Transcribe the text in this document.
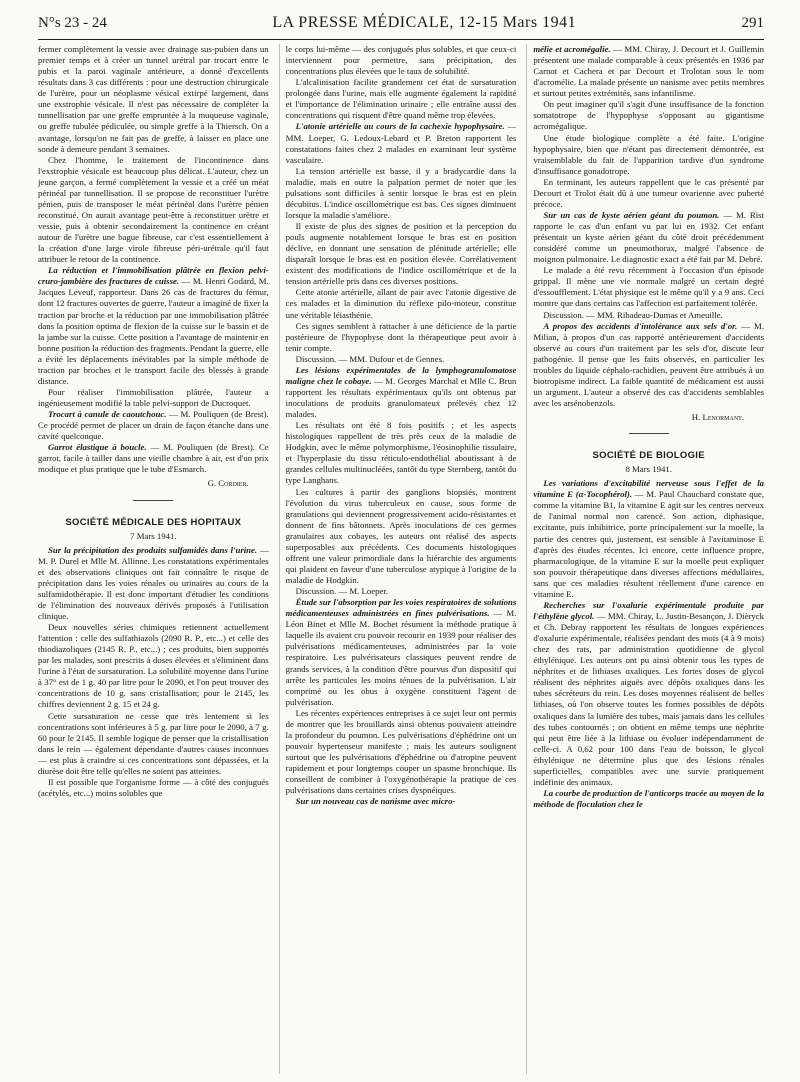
N°s 23 - 24	LA PRESSE MÉDICALE, 12-15 Mars 1941	291

fermer complètement la vessie avec drainage sus-pubien dans un premier temps et à créer un tunnel urétral par trocart entre le pubis et la paroi vaginale antérieure, a donné d'excellents résultats dans 3 cas différents : pour une destruction chirurgicale de l'urètre, pour un néoplasme vésical extirpé largement, dans une exstrophie vésicale. Il n'est pas nécessaire de compléter la tunnellisation par une greffe empruntée à la muqueuse vaginale, ou greffe tubulée pédiculée, ou simple greffe à la Thiersch. On a avantage, lorsqu'on ne fait pas de greffe, à laisser en place une sonde à demeure pendant 3 semaines.

Chez l'homme, le traitement de l'incontinence dans l'exstrophie vésicale est beaucoup plus délicat. L'auteur, chez un jeune garçon, a fermé complètement la vessie et a créé un méat périnéal par tunnellisation. Il se propose de reconstituer l'urètre pénien, puis de transposer le méat périnéal dans l'urètre pénien reconstitué. On aurait avantage peut-être à reconstituer urètre et vessie, puis à obtenir secondairement la continence en créant autour de l'urètre une bague fibreuse, car c'est essentiellement à la création d'une large virole fibreuse péri-urétrale qu'il faut attribuer le retour de la continence.

La réduction et l'immobilisation plâtrée en flexion pelvi-cruro-jambière des fractures de cuisse. — M. Henri Godard, M. Jacques Leveuf, rapporteur. Dans 26 cas de fractures du fémur, dont 12 fractures ouvertes de guerre, l'auteur a imaginé de fixer la traction par broche et la réduction par une immobilisation plâtrée dans la position optima de flexion de la cuisse sur le bassin et de la jambe sur la cuisse. Cette position a l'avantage de maintenir en bonne position la réduction des fragments. Pendant la guerre, elle a évité les déplacements inévitables par la simple méthode de traction par broches et le transport facile des blessés à grande distance.

Pour réaliser l'immobilisation plâtrée, l'auteur a ingénieusement modifié la table pelvi-support de Ducroquet.

Trocart à canule de caoutchouc. — M. Pouliquen (de Brest). Ce procédé permet de placer un drain de façon étanche dans une cavité quelconque.

Garrot élastique à boucle. — M. Pouliquen (de Brest). Ce garrot, facile à tailler dans une vieille chambre à air, est d'un prix modique et plus pratique que le tube d'Esmarch.

G. Cordier.
SOCIÉTÉ MÉDICALE DES HOPITAUX
7 Mars 1941.

Sur la précipitation des produits sulfamidés dans l'urine. — M. P. Durel et Mlle M. Allinne. Les constatations expérimentales et des observations cliniques ont fait connaître le risque de précipitation dans les voies rénales ou urinaires au cours de la sulfamidothérapie. Il est donc important d'étudier les conditions de l'élimination des nouveaux dérivés proposés à l'utilisation clinique.

Deux nouvelles séries chimiques retiennent actuellement l'attention : celle des sulfathiazols (2090 R. P., etc...) et celle des thiodiazoliques (2145 R. P., etc...) ; ces produits, bien supportés par les malades, sont prescrits à doses élevées et s'éliminent dans l'urine à l'état de sursaturation. La solubilité moyenne dans l'urine à 37° est de 1 g. 40 par litre pour le 2090, et l'on peut trouver des concentrations de 10 g. sans cristallisation; pour le 2145, les chiffres deviennent 2 g. 15 et 24 g.

Cette sursaturation ne cesse que très lentement si les concentrations sont inférieures à 5 g. par litre pour le 2090, à 7 g. 60 pour le 2145. Il semble logique de penser que la cristallisation dans le rein — également dépendante d'autres causes inconnues — est plus à craindre si ces concentrations sont dépassées, et la diurèse doit être telle qu'elles ne soient pas atteintes.

Il est possible que l'organisme forme — à côté des conjugués (acétylés, etc...) moins solubles que

le corps lui-même — des conjugués plus solubles, et que ceux-ci interviennent pour permettre, sans précipitation, des concentrations plus élevées que le taux de solubilité.

L'alcalinisation facilite grandement cet état de sursaturation prolongée dans l'urine, mais elle augmente également la rapidité et l'importance de l'élimination urinaire ; elle entraîne aussi des concentrations qui risquent d'être quand même trop élevées.

L'atonie artérielle au cours de la cachexie hypophysaire. — MM. Loeper, G. Ledoux-Lebard et P. Breton rapportent les constatations faites chez 2 malades en examinant leur système vasculaire.

La tension artérielle est basse, il y a bradycardie dans la maladie, mais en outre la palpation permet de noter que les pulsations sont difficiles à sentir lorsque le bras est en plein décubitus. L'indice oscillométrique est bas. Ces signes diminuent lorsque la maladie s'améliore.

Il existe de plus des signes de position et la perception du pouls augmente notablement lorsque le bras est en position déclive, en donnant une sensation de plénitude artérielle; elle disparaît lorsque le bras est en position élevée. Corrélativement existent des modifications de l'indice oscillométrique et de la tension artérielle pris dans ces diverses positions.

Cette atonie artérielle, allant de pair avec l'atonie digestive de ces malades et la diminution du réflexe pilo-moteur, constitue une véritable léiasthénie.

Ces signes semblent à rattacher à une déficience de la partie postérieure de l'hypophyse dont la thérapeutique peut avoir à tenir compte.

Discussion. — MM. Dufour et de Gennes.

Les lésions expérimentales de la lymphogranulomatose maligne chez le cobaye. — M. Georges Marchal et Mlle C. Brun rapportent les résultats expérimentaux qu'ils ont obtenus par inoculations de produits granulomateux prélevés chez 12 malades.

Les résultats ont été 8 fois positifs ; et les aspects histologiques rappellent de très près ceux de la maladie de Hodgkin, avec le même polymorphisme, l'éosinophilie tissulaire, et l'hyperplasie du tissu réticulo-endothélial aboutissant à de grandes cellules multinucléées, tantôt du type Sternberg, tantôt du type Langhans.

Les cultures à partir des ganglions biopsiés, montrent l'évolution du virus tuberculeux en cause, sous forme de granulations qui deviennent progressivement acido-résistantes et donnent de fins bâtonnets. Après inoculations de ces germes granulaires aux cobayes, les auteurs ont réalisé des aspects superposables aux précédents. Ces documents histologiques offrent une valeur primordiale dans la hiérarchie des arguments qui plaident en faveur d'une tuberculose atypique à l'origine de la maladie de Hodgkin.

Discussion. — M. Loeper.

Étude sur l'absorption par les voies respiratoires de solutions médicamenteuses administrées en fines pulvérisations. — M. Léon Binet et Mlle M. Bochet résument la méthode pratique à laquelle ils avaient cru pouvoir recourir en 1939 pour réaliser des pulvérisations médicamenteuses, administrées par la voie respiratoire. Les pulvérisateurs classiques peuvent rendre de grands services, à la condition d'être pourvus d'un dispositif qui arrête les particules les moins ténues de la pulvérisation. L'air comprimé ou les obus à oxygène constituent l'agent de pulvérisation.

Les récentes expériences entreprises à ce sujet leur ont permis de montrer que les brouillards ainsi obtenus pouvaient atteindre la profondeur du poumon. Les pulvérisations d'éphédrine ont un pouvoir hypertenseur manifeste ; mais les auteurs soulignent surtout que les pulvérisations d'éphédrine ou d'atropine peuvent rapidement et pour longtemps couper un spasme bronchique. Ils conseillent de combiner à l'oxygénothérapie la pratique de ces pulvérisations dans certaines crises dyspnéiques.

Sur un nouveau cas de nanisme avec micro-

mélie et acromégalie. — MM. Chiray, J. Decourt et J. Guillemin présentent une malade comparable à ceux présentés en 1936 par Carnot et Cachera et par Decourt et Trolotan sous le nom d'acromélie. La malade présente un nanisme avec petits membres et surtout petites extrémités, sans infantilisme.

On peut imaginer qu'il s'agit d'une insuffisance de la fonction somatotrope de l'hypophyse s'opposant au gigantisme acromégalique.

Une étude biologique complète a été faite. L'origine hypophysaire, bien que n'étant pas directement démontrée, est vraisemblable du fait de l'apparition tardive d'un syndrome d'insuffisance gonadotrope.

En terminant, les auteurs rappellent que le cas présenté par Decourt et Trolot était dû à une tumeur ovarienne avec puberté précoce.

Sur un cas de kyste aérien géant du poumon. — M. Rist rapporte le cas d'un enfant vu par lui en 1932. Cet enfant présentait un kyste aérien géant du côté droit précédemment considéré comme un pneumothorax, malgré l'absence de moignon pulmonaire. Le diagnostic exact a été fait par M. Debré.

Le malade a été revu récemment à l'occasion d'un épisode grippal. Il mène une vie normale malgré un certain degré d'essoufflement. L'état physique est le même qu'il y a 9 ans. Ceci montre que dans certains cas l'affection est parfaitement tolérée.

Discussion. — MM. Ribadeau-Dumas et Ameuille.

A propos des accidents d'intolérance aux sels d'or. — M. Milian, à propos d'un cas rapporté antérieurement d'accidents observé au cours d'un traitement par les sels d'or, discute leur pathogénie. Il pense que les faits observés, en particulier les troubles du liquide céphalo-rachidien, peuvent être attribués à un biotropisme indirect. La faible quantité de médicament est aussi un argument. L'auteur a observé des cas d'accidents semblables avec les arsénobenzols.

H. Lenormant.
SOCIÉTÉ DE BIOLOGIE
8 Mars 1941.

Les variations d'excitabilité nerveuse sous l'effet de la vitamine E (α-Tocophérol). — M. Paul Chauchard constate que, comme la vitamine B1, la vitamine E agit sur les centres nerveux de l'animal normal non carencé. Son action, diphasique, excitante, puis inhibitrice, porte principalement sur la moelle, la partie des centres qui, justement, est sensible à l'avitaminose E d'après des études récentes. Ici encore, cette influence propre, pharmacologique, de la vitamine E sur la moelle peut expliquer son pouvoir thérapeutique dans diverses affections médullaires, sans que ces maladies résultent réellement d'une carence en vitamine E.

Recherches sur l'oxalurie expérimentale produite par l'éthylène glycol. — MM. Chiray, L. Justin-Besançon, J. Dièryck et Ch. Debray rapportent les résultats de longues expériences d'oxalurie expérimentale, réalisées pendant des mois (4 à 9 mois) chez des rats, par administration quotidienne de glycol éthylénique. Les auteurs ont pu ainsi obtenir tous les types de néphrites et de lithiases oxaliques. Les fortes doses de glycol réalisent des néphrites aiguës avec dépôts oxaliques dans les tubes sécréteurs du rein. Les doses moyennes réalisent de belles lithiases, où l'on observe toutes les formes possibles de dépôts oxaliques dans la lumière des tubes, mais jamais dans les cellules des tubes contournés ; on obtient en même temps une néphrite qui peut être liée à la lithiase ou évoluer indépendamment de celle-ci. A 0,62 pour 100 dans l'eau de boisson, le glycol éthylénique ne détermine plus que des lésions rénales superficielles, compatibles avec une survie pratiquement indéfinie des animaux.

La courbe de production de l'anticorps tracée au moyen de la méthode de floculation chez le
